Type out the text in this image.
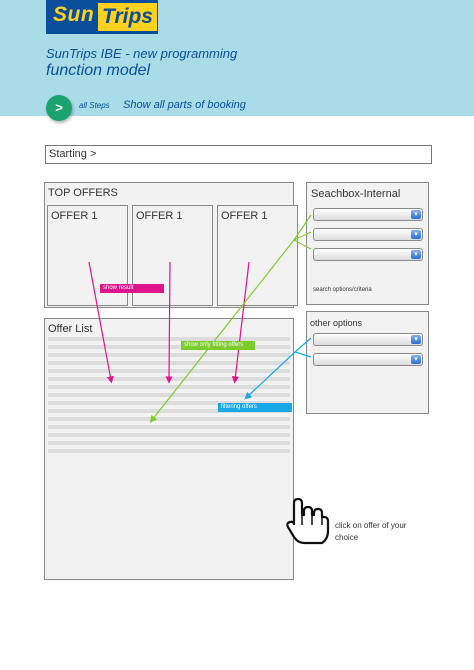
Sun Trips
SunTrips IBE - new programming
function model
>	all Steps Show all parts of booking
Starting >
TOP OFFERS
OFFER 1	OFFER 1	OFFER 1
Seachbox-Internal
▾
▾
▾
search options/criteria
other options
▾
▾
Offer List
show result
show only fitting offers
filtering offers
click on offer of your choice
